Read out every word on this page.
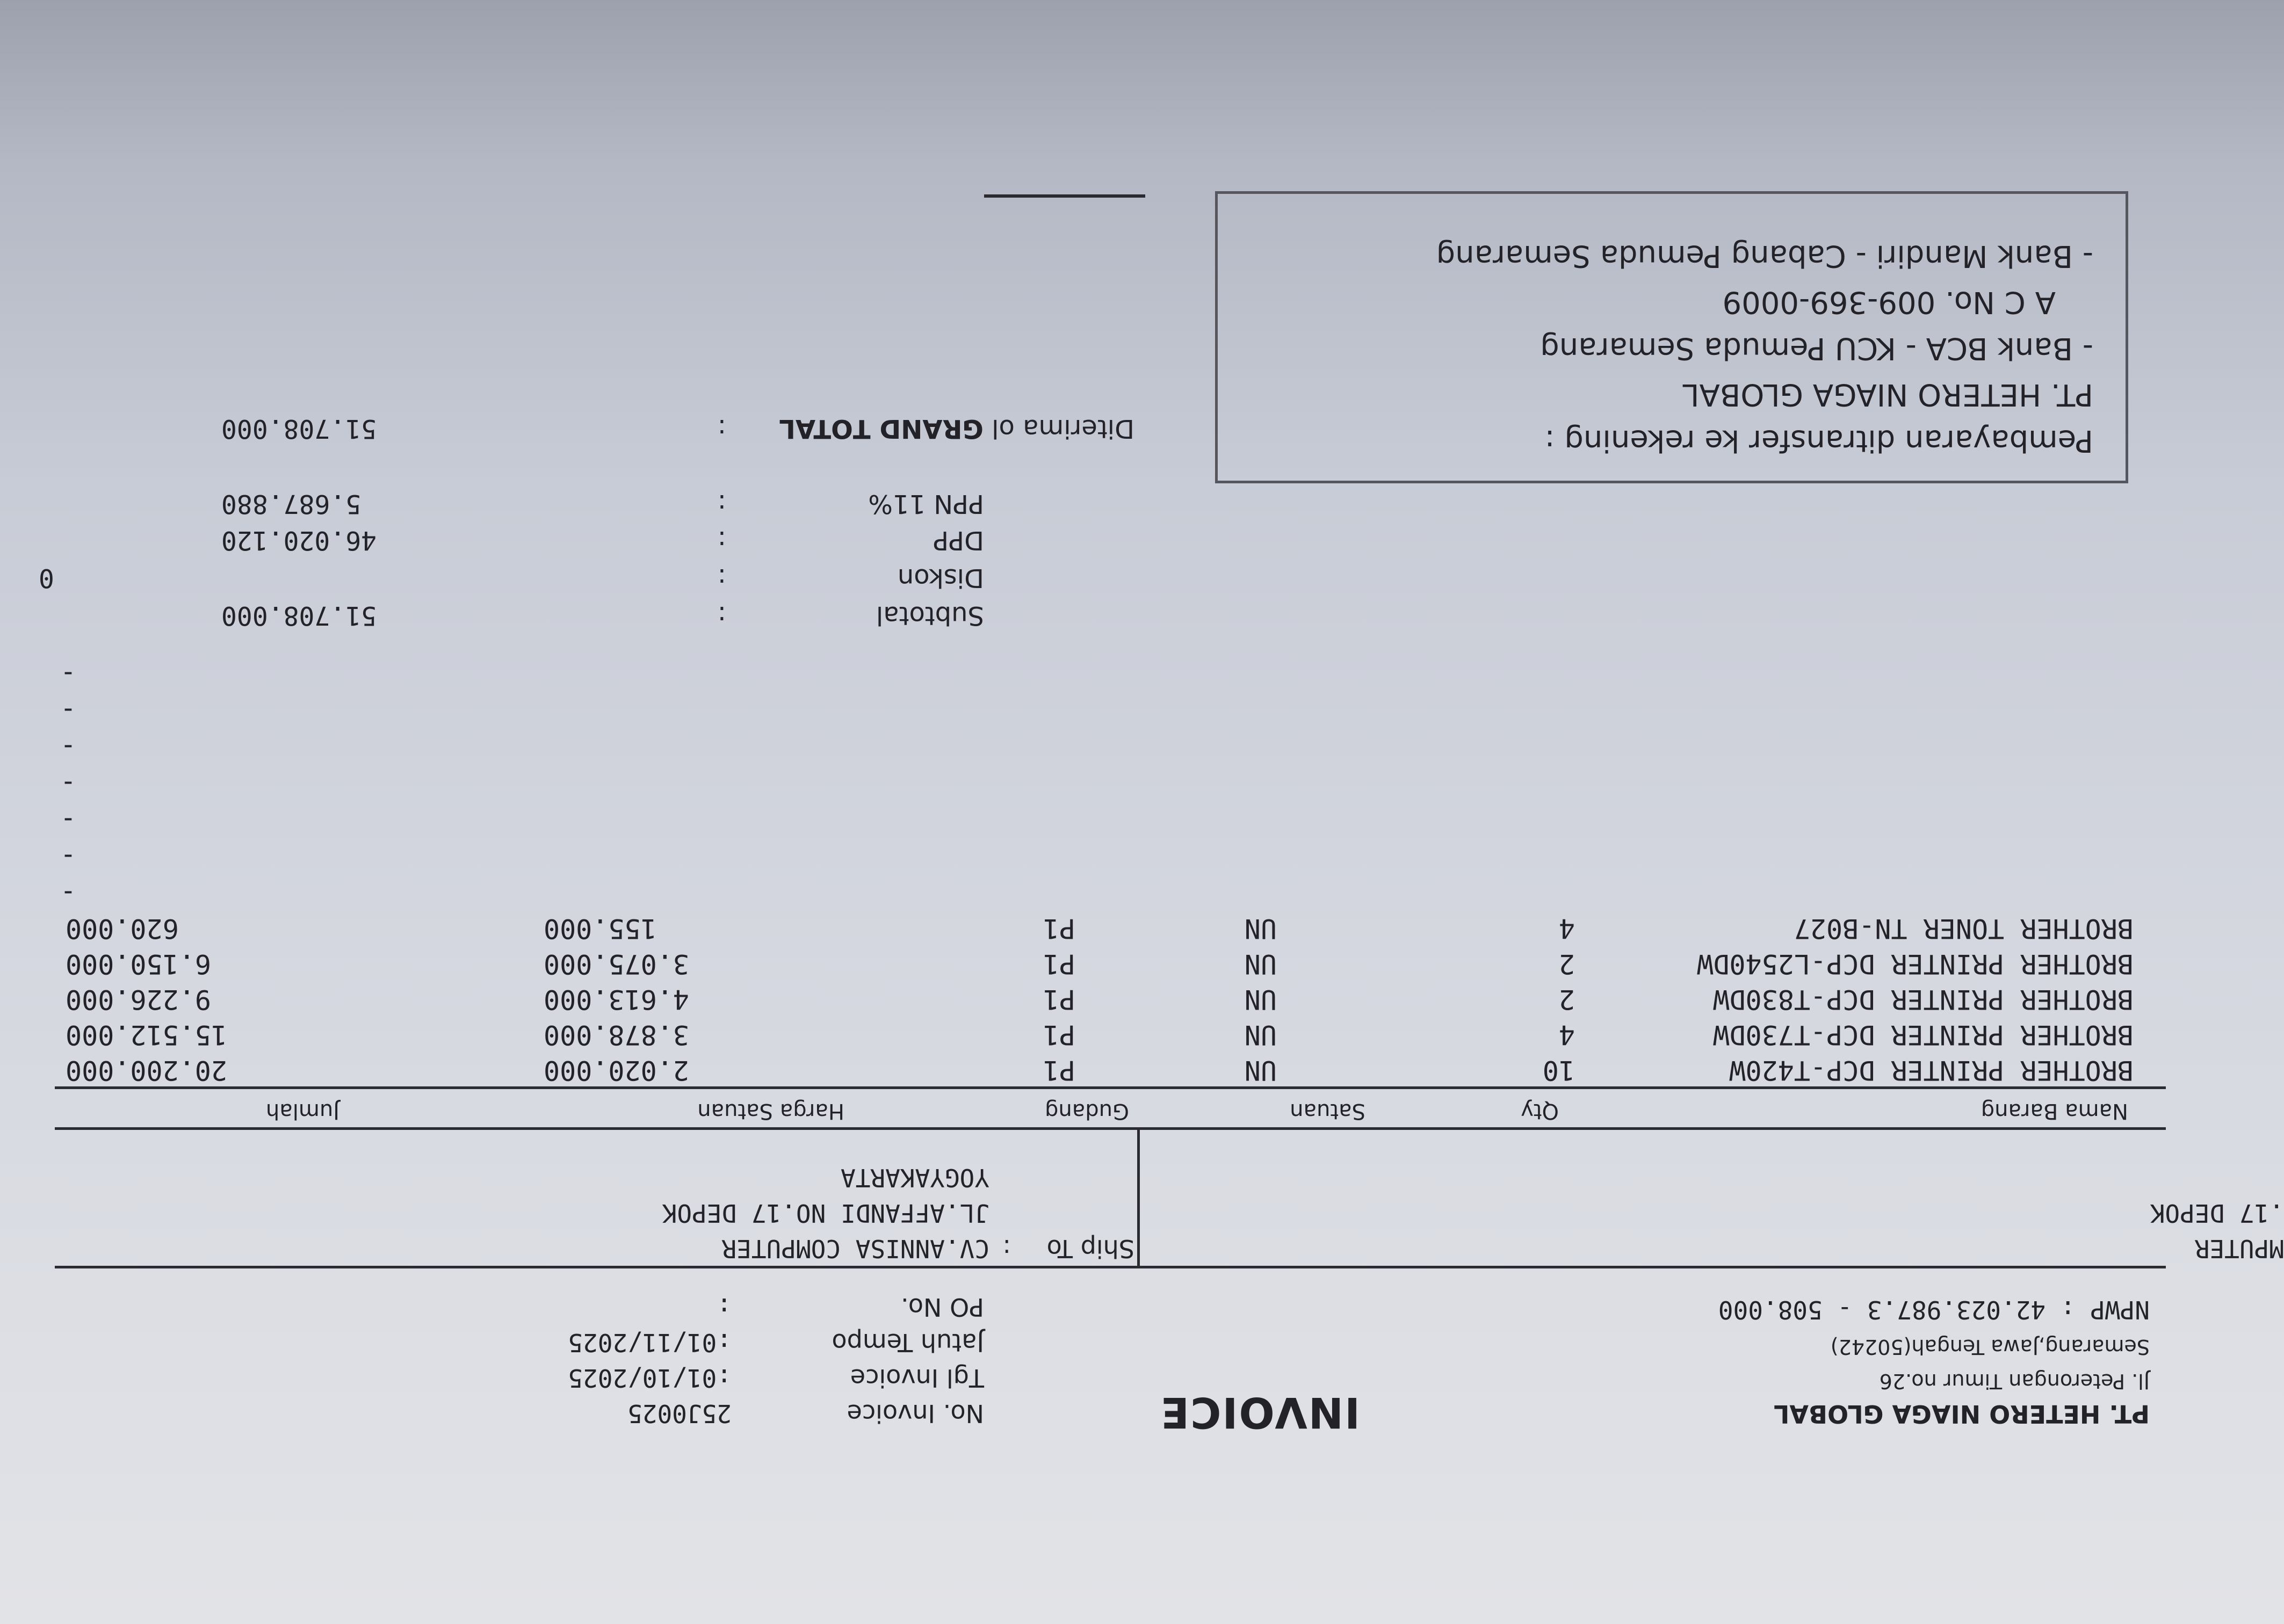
PT. HETERO NIAGA GLOBAL
Jl. Peterongan Timur no.26
Semarang,Jawa Tengah(50242)
NPWP : 42.023.987.3 - 508.000
INVOICE
No. Invoice
25J0025
Tgl Invoice
:01/10/2025
Jatuh Tempo
:01/11/2025
PO No.
:
MPUTER
.17 DEPOK
Ship To
:
CV.ANNISA COMPUTER
JL.AFFANDI NO.17 DEPOK
YOGYAKARTA
Nama Barang
Qty
Satuan
Gudang
Harga Satuan
Jumlah
BROTHER PRINTER DCP-T420W
10
UN
P1
2.020.000
20.200.000
BROTHER PRINTER DCP-T730DW
4
UN
P1
3.878.000
15.512.000
BROTHER PRINTER DCP-T830DW
2
UN
P1
4.613.000
9.226.000
BROTHER PRINTER DCP-L2540DW
2
UN
P1
3.075.000
6.150.000
BROTHER TONER TN-B027
4
UN
P1
155.000
620.000
-
-
-
-
-
-
-
Subtotal
:
51.708.000
Diskon
:
0
DPP
:
46.020.120
PPN 11%
:
5.687.880
Diterima ol GRAND TOTAL
:
51.708.000	Pembayaran ditransfer ke rekening :
PT. HETERO NIAGA GLOBAL
- Bank BCA - KCU Pemuda Semarang
A C No. 009-369-0009
- Bank Mandiri - Cabang Pemuda Semarang
